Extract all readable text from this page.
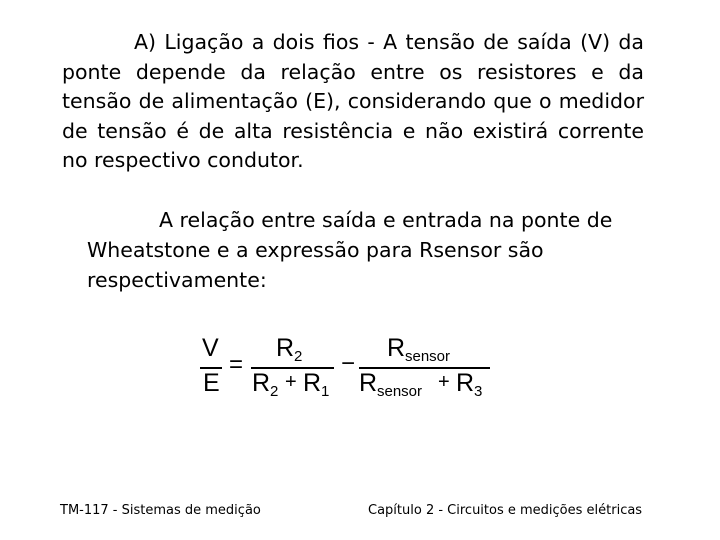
A) Ligação a dois fios - A tensão de saída (V) da ponte depende da relação entre os resistores e da tensão de alimentação (E), considerando que o medidor de tensão é de alta resistência e não existirá corrente no respectivo condutor.
A relação entre saída e entrada na ponte de Wheatstone e a expressão para Rsensor são respectivamente:
V
E
=
R 2
R 2 + R 1
−
R sensor
R sensor + R 3
TM-117 - Sistemas de medição	Capítulo 2 - Circuitos e medições elétricas
